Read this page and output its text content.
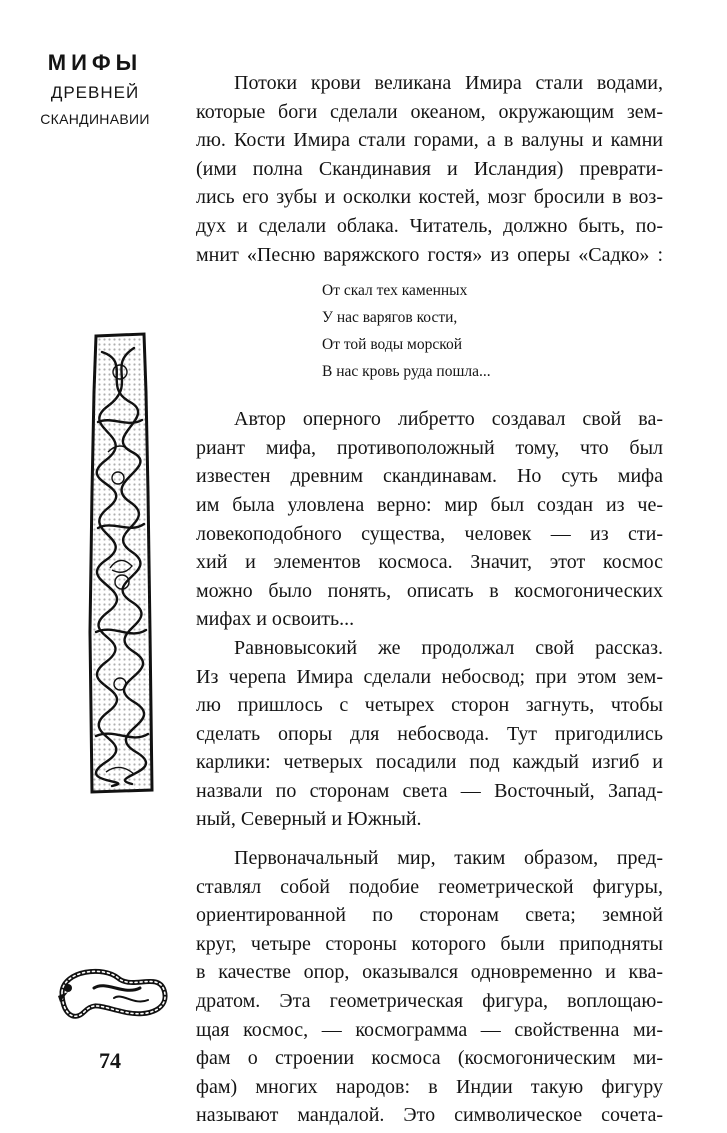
МИФЫ
ДРЕВНЕЙ
СКАНДИНАВИИ
74

Потоки крови великана Имира стали водами,
которые боги сделали океаном, окружающим зем-
лю. Кости Имира стали горами, а в валуны и камни
(ими полна Скандинавия и Исландия) преврати-
лись его зубы и осколки костей, мозг бросили в воз-
дух и сделали облака. Читатель, должно быть, по-
мнит «Песню варяжского гостя» из оперы «Садко» :

От скал тех каменных
У нас варягов кости,
От той воды морской
В нас кровь руда пошла...

Автор оперного либретто создавал свой ва-
риант мифа, противоположный тому, что был
известен древним скандинавам. Но суть мифа
им была уловлена верно: мир был создан из че-
ловекоподобного существа, человек — из сти-
хий и элементов космоса. Значит, этот космос
можно было понять, описать в космогонических
мифах и освоить...

Равновысокий же продолжал свой рассказ.
Из черепа Имира сделали небосвод; при этом зем-
лю пришлось с четырех сторон загнуть, чтобы
сделать опоры для небосвода. Тут пригодились
карлики: четверых посадили под каждый изгиб и
назвали по сторонам света — Восточный, Запад-
ный, Северный и Южный.

Первоначальный мир, таким образом, пред-
ставлял собой подобие геометрической фигуры,
ориентированной по сторонам света; земной
круг, четыре стороны которого были приподняты
в качестве опор, оказывался одновременно и ква-
дратом. Эта геометрическая фигура, воплощаю-
щая космос, — космограмма — свойственна ми-
фам о строении космоса (космогоническим ми-
фам) многих народов: в Индии такую фигуру
называют мандалой. Это символическое сочета-
